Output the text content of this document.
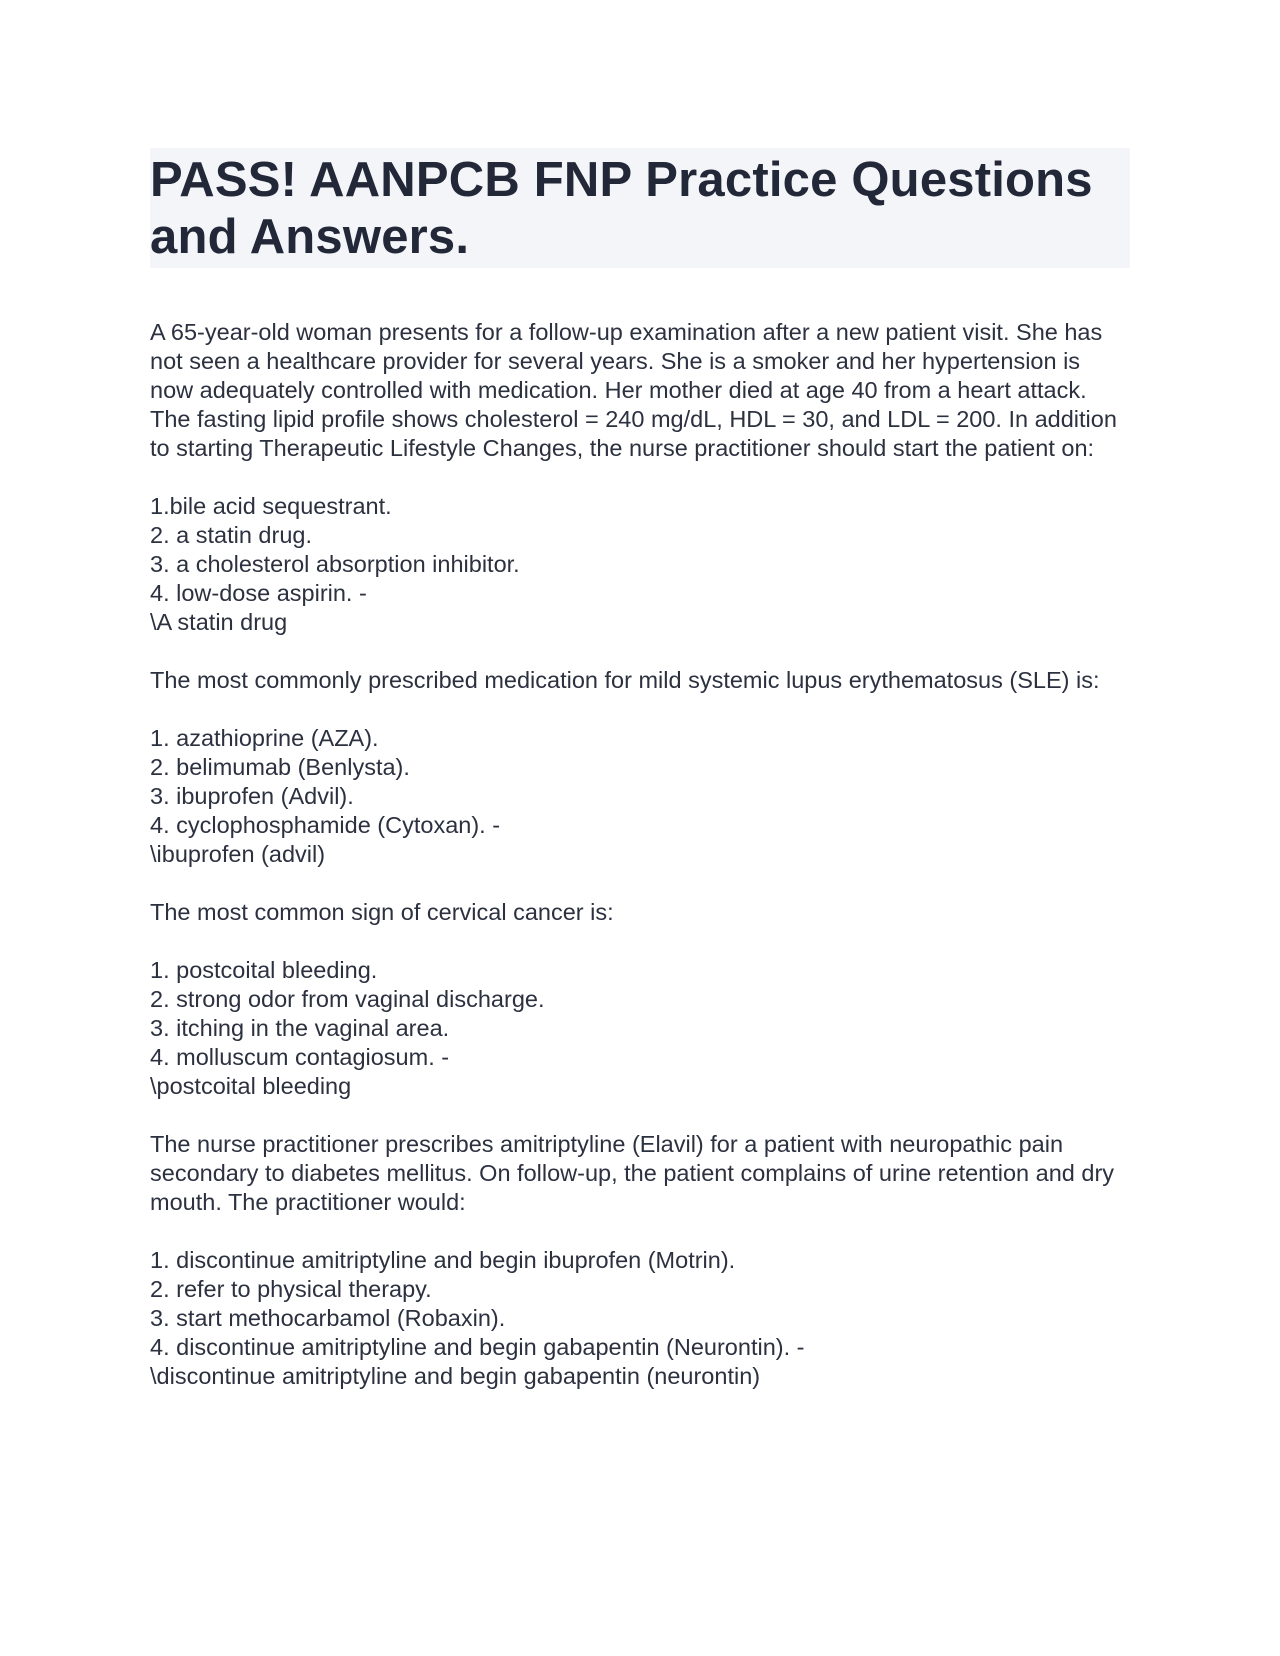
PASS! AANPCB FNP Practice Questions and Answers.

A 65-year-old woman presents for a follow-up examination after a new patient visit. She has not seen a healthcare provider for several years. She is a smoker and her hypertension is now adequately controlled with medication. Her mother died at age 40 from a heart attack. The fasting lipid profile shows cholesterol = 240 mg/dL, HDL = 30, and LDL = 200. In addition to starting Therapeutic Lifestyle Changes, the nurse practitioner should start the patient on:

1.bile acid sequestrant.
2. a statin drug.
3. a cholesterol absorption inhibitor.
4. low-dose aspirin. -
\A statin drug

The most commonly prescribed medication for mild systemic lupus erythematosus (SLE) is:

1. azathioprine (AZA).
2. belimumab (Benlysta).
3. ibuprofen (Advil).
4. cyclophosphamide (Cytoxan). -
\ibuprofen (advil)

The most common sign of cervical cancer is:

1. postcoital bleeding.
2. strong odor from vaginal discharge.
3. itching in the vaginal area.
4. molluscum contagiosum. -
\postcoital bleeding

The nurse practitioner prescribes amitriptyline (Elavil) for a patient with neuropathic pain secondary to diabetes mellitus. On follow-up, the patient complains of urine retention and dry mouth. The practitioner would:

1. discontinue amitriptyline and begin ibuprofen (Motrin).
2. refer to physical therapy.
3. start methocarbamol (Robaxin).
4. discontinue amitriptyline and begin gabapentin (Neurontin). -
\discontinue amitriptyline and begin gabapentin (neurontin)
